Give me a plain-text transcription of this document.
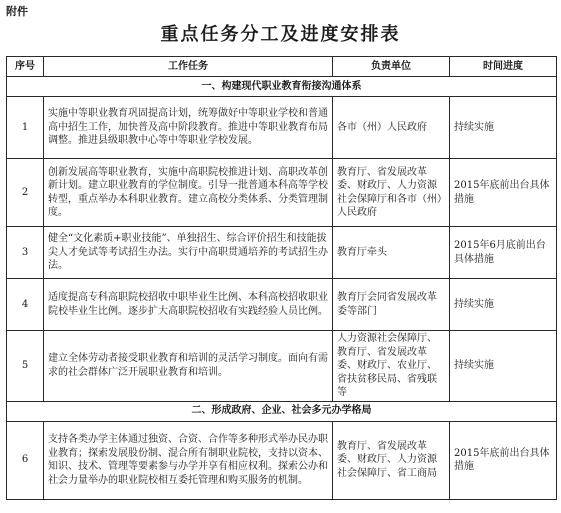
附件
重点任务分工及进度安排表
序号	工作任务	负责单位	时间进度
一、构建现代职业教育衔接沟通体系			
1	实施中等职业教育巩固提高计划，统筹做好中等职业学校和普通高中招生工作，加快普及高中阶段教育。推进中等职业教育布局调整。推进县级职教中心等中等职业学校发展。	各市（州）人民政府	持续实施
2	创新发展高等职业教育，实施中高职院校推进计划、高职改革创新计划。建立职业教育的学位制度。引导一批普通本科高等学校转型，重点举办本科职业教育。建立高校分类体系、分类管理制度。	教育厅、省发展改革委、财政厅、人力资源社会保障厅和各市（州）人民政府	2015年底前出台具体措施
3	健全“文化素质+职业技能”、单独招生、综合评价招生和技能拔尖人才免试等考试招生办法。实行中高职贯通培养的考试招生办法。	教育厅牵头	2015年6月底前出台具体措施
4	适度提高专科高职院校招收中职毕业生比例、本科高校招收职业院校毕业生比例。逐步扩大高职院校招收有实践经验人员比例。	教育厅会同省发展改革委等部门	持续实施
5	建立全体劳动者接受职业教育和培训的灵活学习制度。面向有需求的社会群体广泛开展职业教育和培训。	人力资源社会保障厅、教育厅、省发展改革委、财政厅、农业厅、省扶贫移民局、省残联等	持续实施
二、形成政府、企业、社会多元办学格局			
6	支持各类办学主体通过独资、合资、合作等多种形式举办民办职业教育；探索发展股份制、混合所有制职业院校，支持以资本、知识、技术、管理等要素参与办学并享有相应权利。探索公办和社会力量举办的职业院校相互委托管理和购买服务的机制。	教育厅、省发展改革委、财政厅、人力资源社会保障厅、省工商局	2015年底前出台具体措施
